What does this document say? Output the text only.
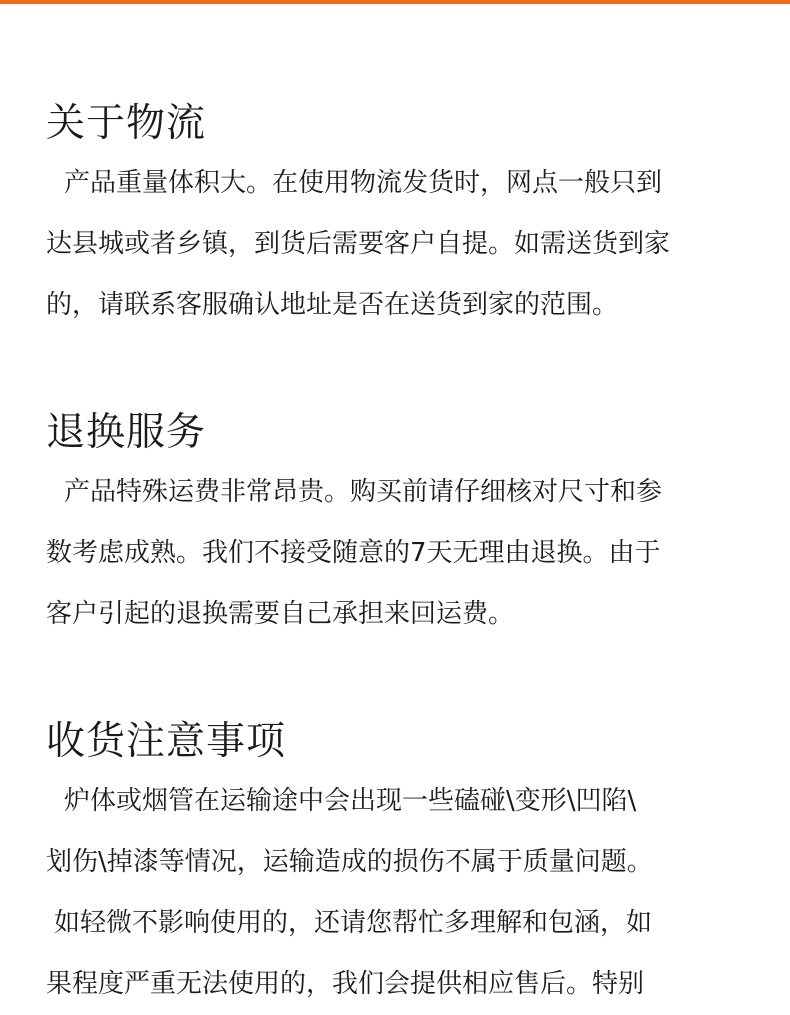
关于物流

产品重量体积大。在使用物流发货时，网点一般只到
达县城或者乡镇，到货后需要客户自提。如需送货到家
的，请联系客服确认地址是否在送货到家的范围。

退换服务

产品特殊运费非常昂贵。购买前请仔细核对尺寸和参
数考虑成熟。我们不接受随意的7天无理由退换。由于
客户引起的退换需要自己承担来回运费。

收货注意事项

炉体或烟管在运输途中会出现一些磕碰\变形\凹陷\
划伤\掉漆等情况，运输造成的损伤不属于质量问题。

如轻微不影响使用的，还请您帮忙多理解和包涵，如
果程度严重无法使用的，我们会提供相应售后。特别
